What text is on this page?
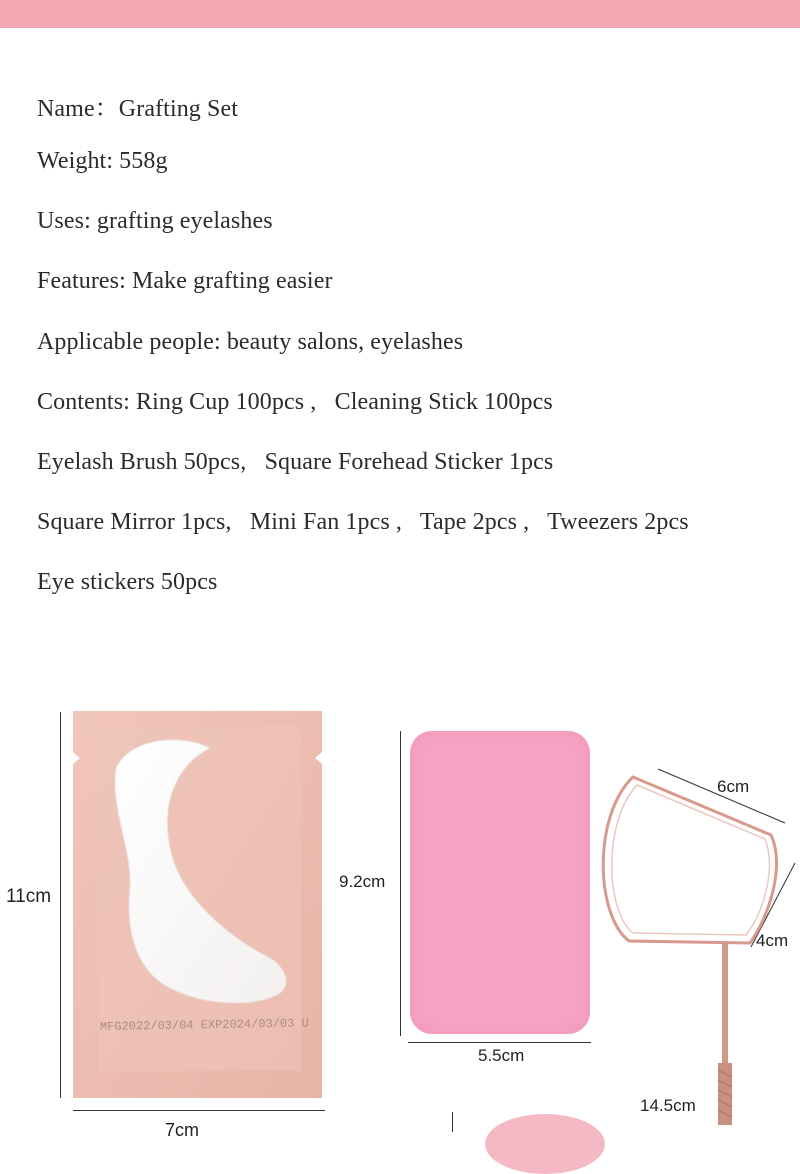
Name：Grafting Set
Weight: 558g
Uses: grafting eyelashes
Features: Make grafting easier
Applicable people: beauty salons, eyelashes
Contents: Ring Cup 100pcs ,   Cleaning Stick 100pcs
Eyelash Brush 50pcs,   Square Forehead Sticker 1pcs
Square Mirror 1pcs,   Mini Fan 1pcs ,   Tape 2pcs ,   Tweezers 2pcs
Eye stickers 50pcs
11cm
MFG2022/03/04 EXP2024/03/03 U
7cm
9.2cm
5.5cm
6cm
4cm
14.5cm
